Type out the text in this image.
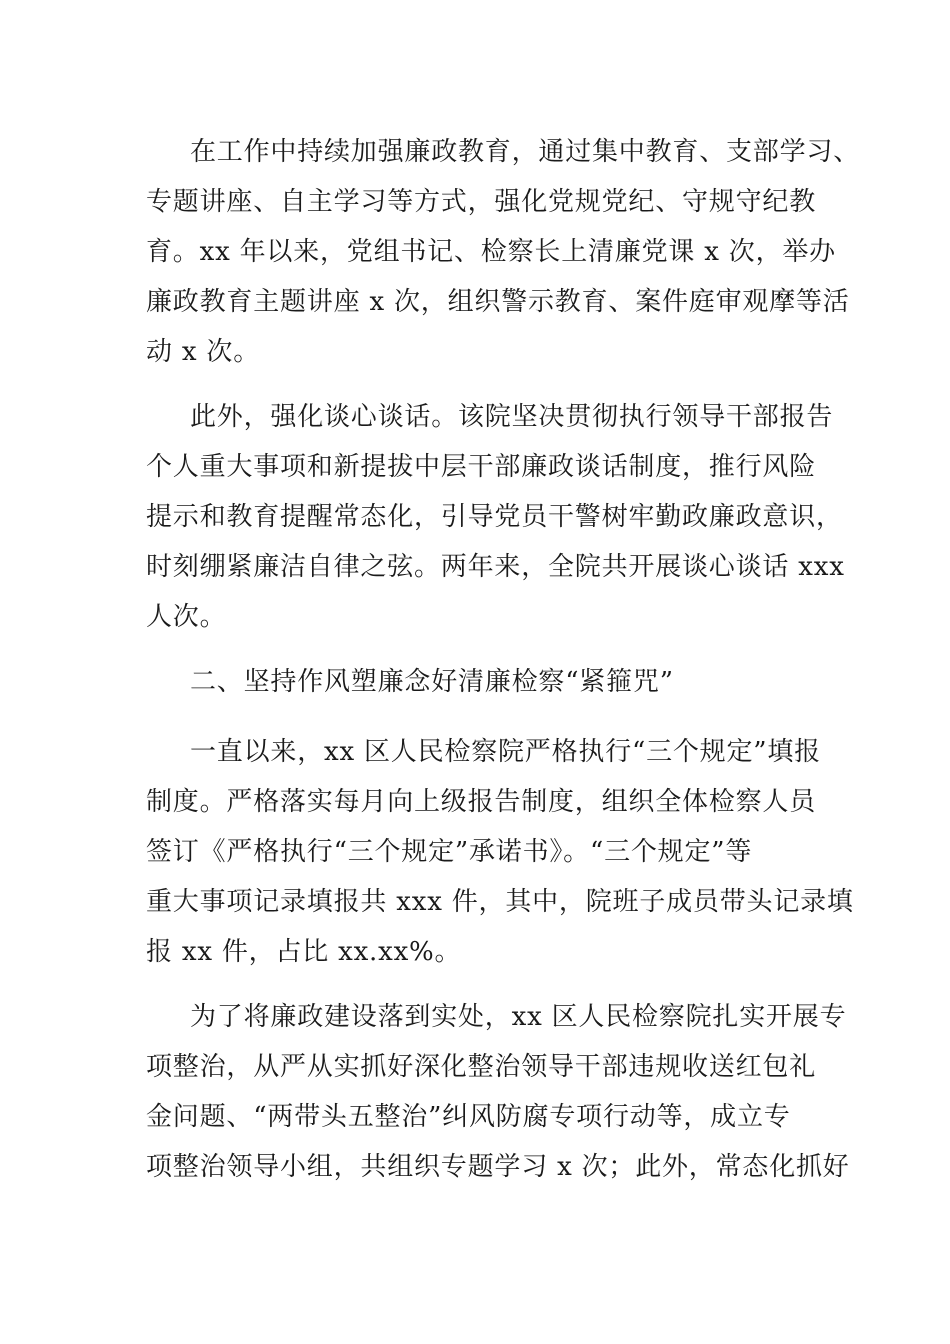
在工作中持续加强廉政教育，通过集中教育、支部学习、
专题讲座、自主学习等方式，强化党规党纪、守规守纪教
育。xx 年以来，党组书记、检察长上清廉党课 x 次，举办
廉政教育主题讲座 x 次，组织警示教育、案件庭审观摩等活
动 x 次。
此外，强化谈心谈话。该院坚决贯彻执行领导干部报告
个人重大事项和新提拔中层干部廉政谈话制度，推行风险
提示和教育提醒常态化，引导党员干警树牢勤政廉政意识，
时刻绷紧廉洁自律之弦。两年来，全院共开展谈心谈话 xxx
人次。
二、坚持作风塑廉念好清廉检察“紧箍咒”
一直以来，xx 区人民检察院严格执行“三个规定”填报
制度。严格落实每月向上级报告制度，组织全体检察人员
签订《严格执行“三个规定”承诺书》。“三个规定”等
重大事项记录填报共 xxx 件，其中，院班子成员带头记录填
报 xx 件，占比 xx.xx%。
为了将廉政建设落到实处，xx 区人民检察院扎实开展专
项整治，从严从实抓好深化整治领导干部违规收送红包礼
金问题、“两带头五整治”纠风防腐专项行动等，成立专
项整治领导小组，共组织专题学习 x 次；此外，常态化抓好
